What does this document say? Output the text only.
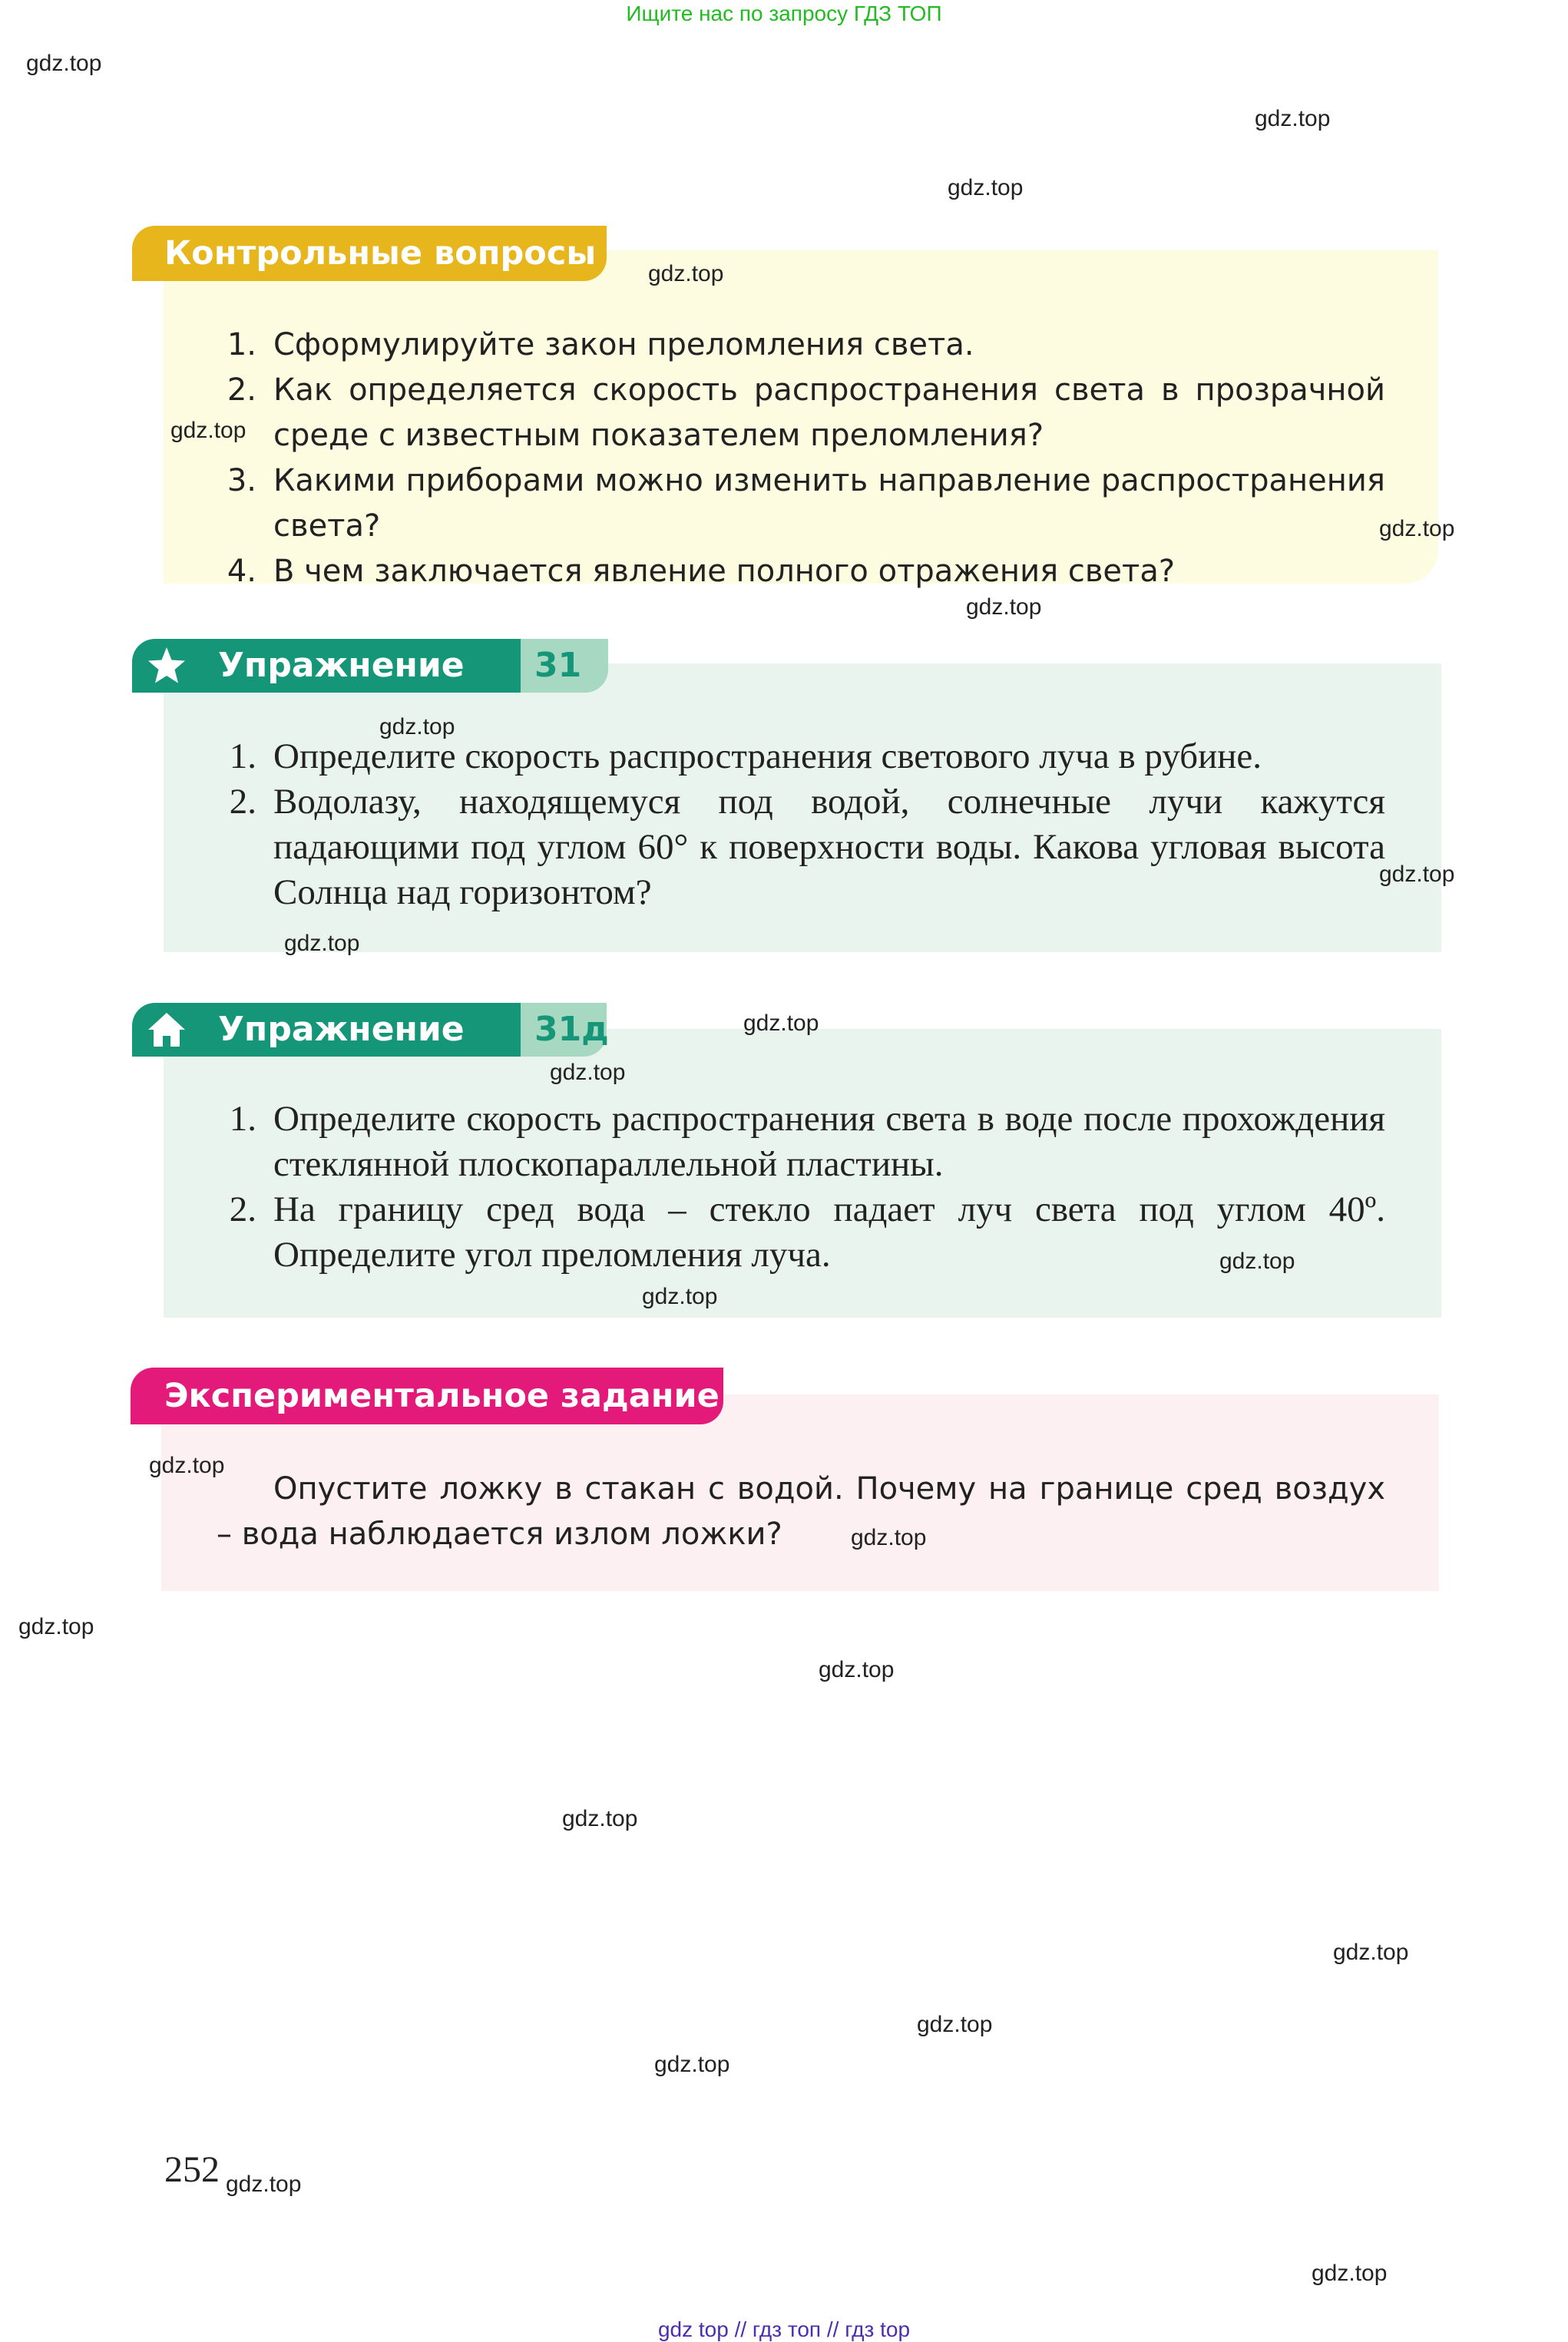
Ищите нас по запросу ГДЗ ТОП
Контрольные вопросы
1. Сформулируйте закон преломления света.
2. Как определяется скорость распространения света в прозрачной среде с известным показателем преломления?
3. Какими приборами можно изменить направление распространения света?
4. В чем заключается явление полного отражения света?
Упражнение	31
1. Определите скорость распространения светового луча в рубине.
2. Водолазу, находящемуся под водой, солнечные лучи кажутся падающими под углом 60° к поверхности воды. Какова угловая высота Солнца над горизонтом?
Упражнение	31д
1. Определите скорость распространения света в воде после прохождения стеклянной плоскопараллельной пластины.
2. На границу сред вода – стекло падает луч света под углом 40º. Определите угол преломления луча.
Экспериментальное задание
Опустите ложку в стакан с водой. Почему на границе сред воздух – вода наблюдается излом ложки?
252
gdz.top
gdz.top
gdz.top
gdz.top
gdz.top
gdz.top
gdz.top
gdz.top
gdz.top
gdz.top
gdz.top
gdz.top
gdz.top
gdz.top
gdz.top
gdz.top
gdz.top
gdz.top
gdz.top
gdz.top
gdz.top
gdz.top
gdz.top
gdz.top
gdz top // гдз топ // гдз top
